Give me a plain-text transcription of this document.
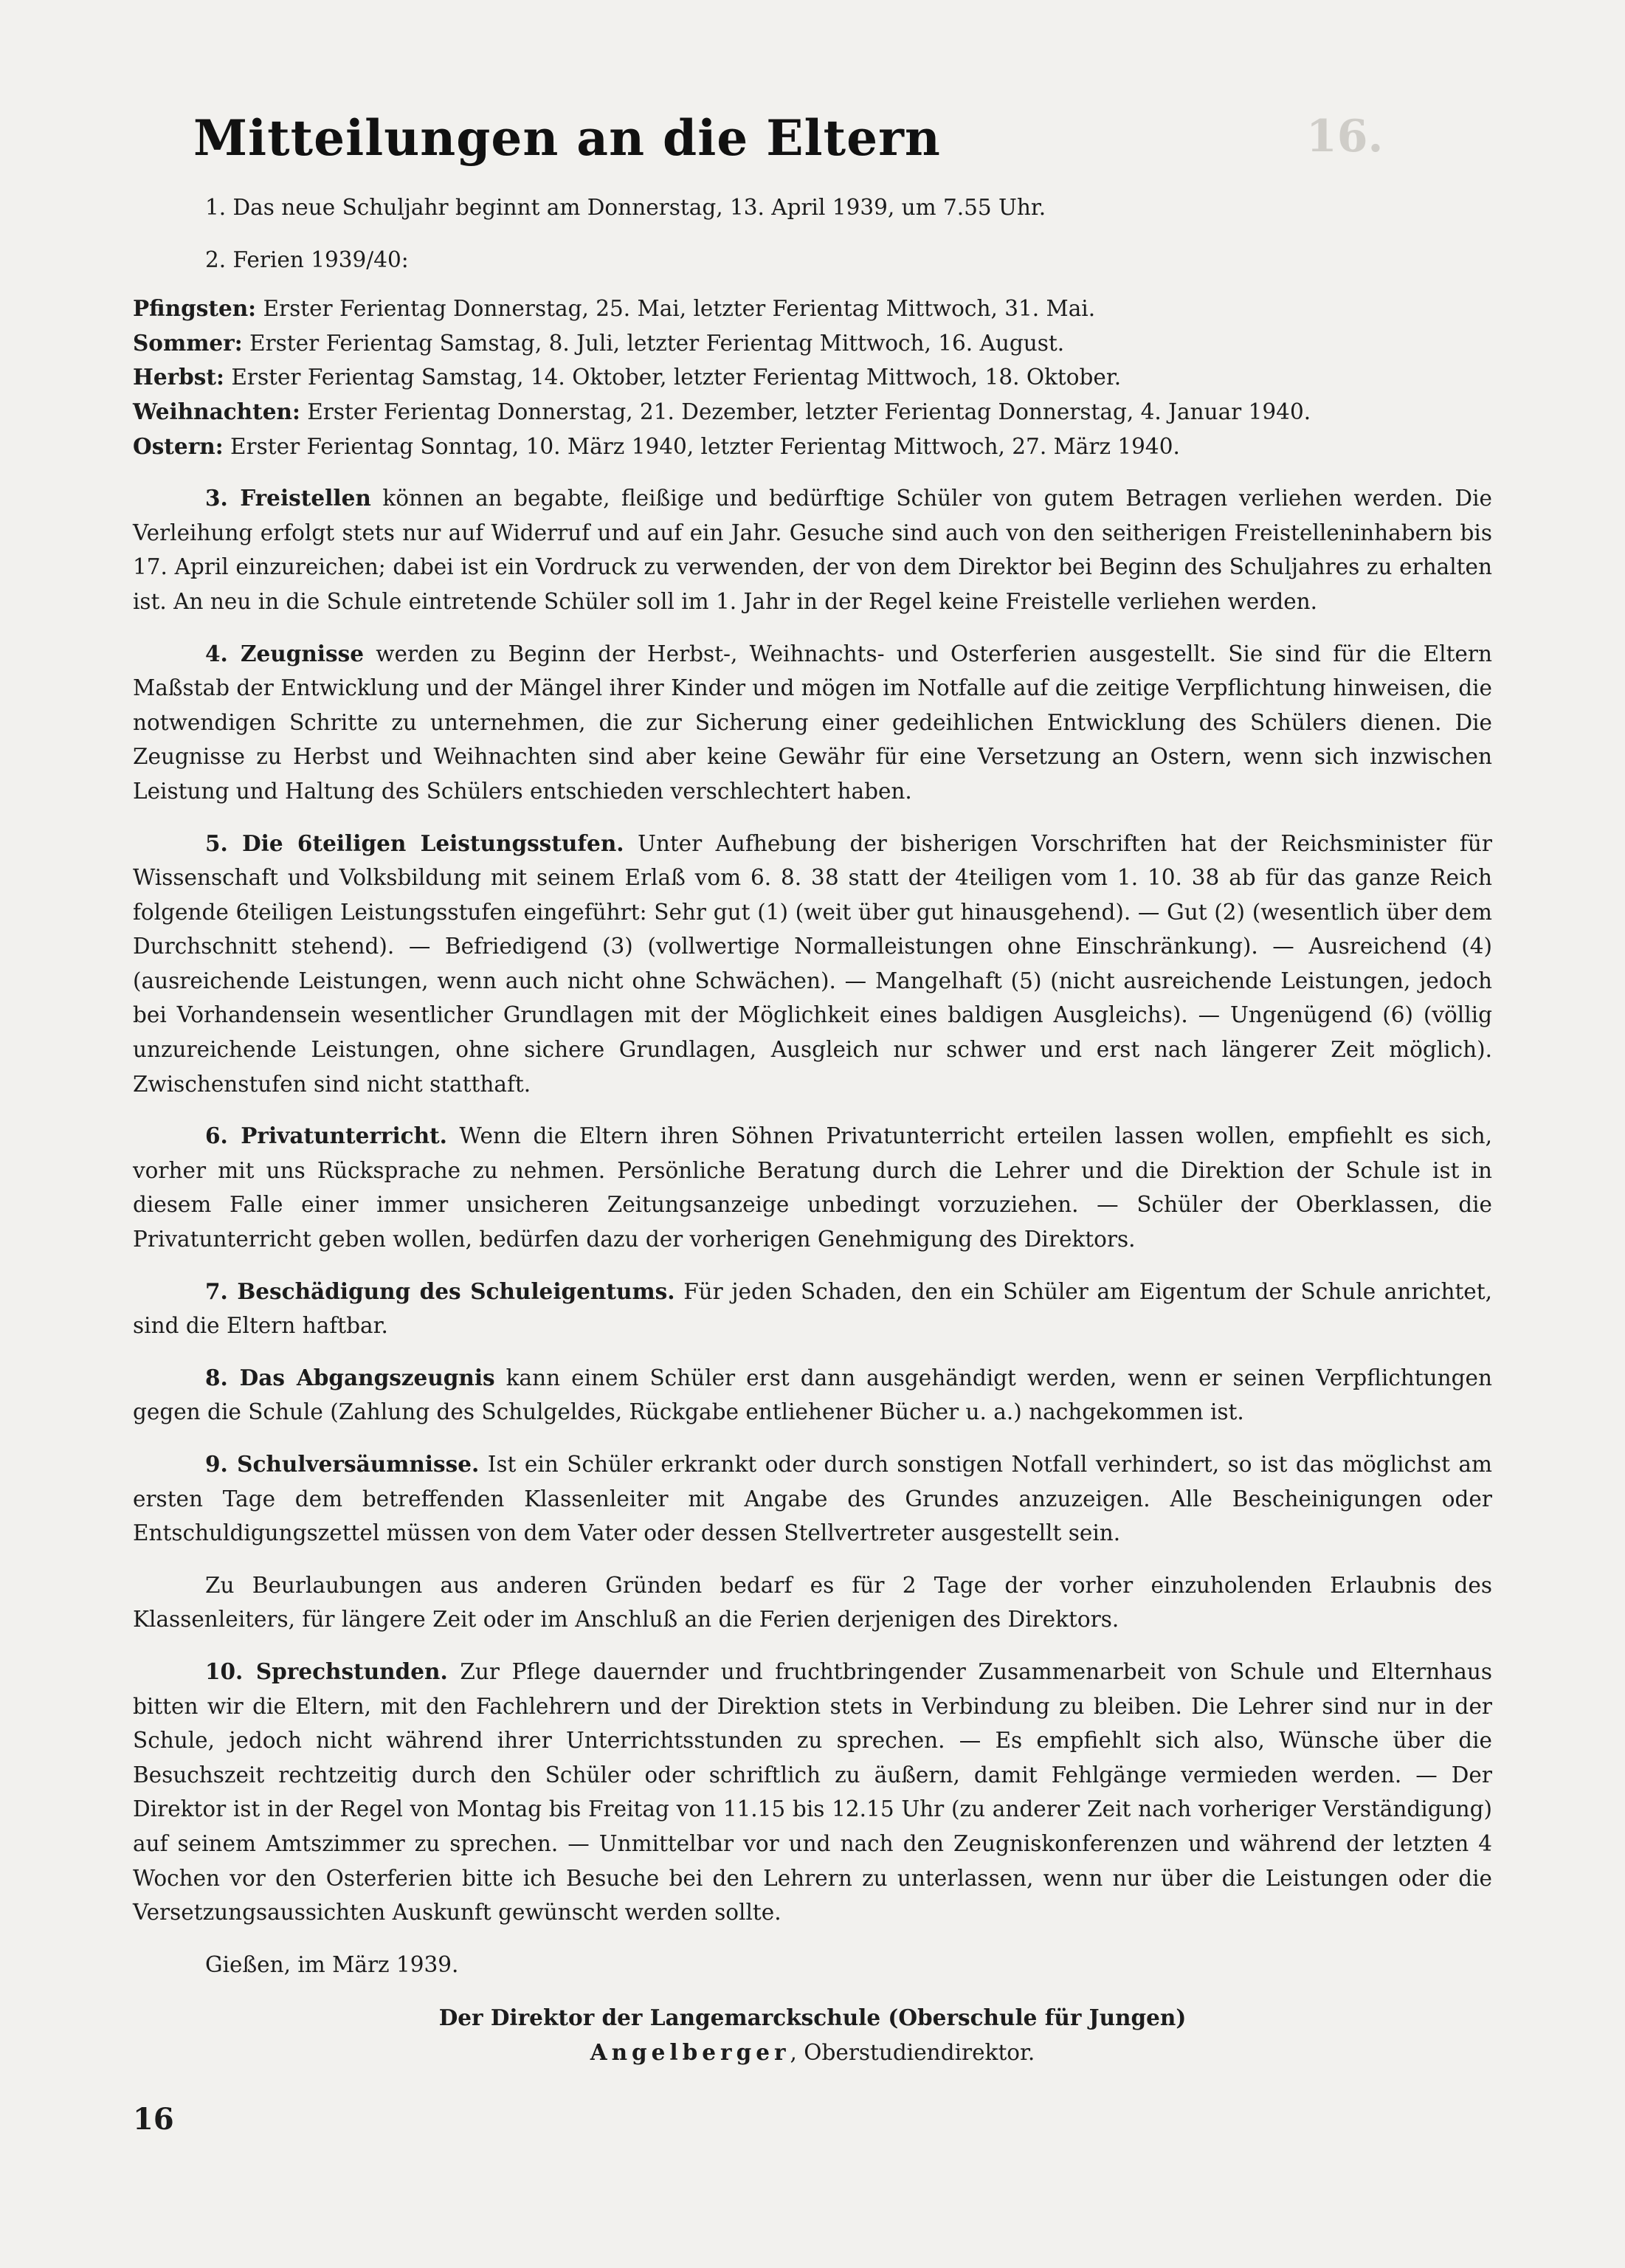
16.
Mitteilungen an die Eltern

1. Das neue Schuljahr beginnt am Donnerstag, 13. April 1939, um 7.55 Uhr.

2. Ferien 1939/40:

Pfingsten: Erster Ferientag Donnerstag, 25. Mai, letzter Ferientag Mittwoch, 31. Mai.
Sommer: Erster Ferientag Samstag, 8. Juli, letzter Ferientag Mittwoch, 16. August.
Herbst: Erster Ferientag Samstag, 14. Oktober, letzter Ferientag Mittwoch, 18. Oktober.
Weihnachten: Erster Ferientag Donnerstag, 21. Dezember, letzter Ferientag Donnerstag, 4. Januar 1940.
Ostern: Erster Ferientag Sonntag, 10. März 1940, letzter Ferientag Mittwoch, 27. März 1940.

3. Freistellen können an begabte, fleißige und bedürftige Schüler von gutem Betragen verliehen werden. Die Verleihung erfolgt stets nur auf Widerruf und auf ein Jahr. Gesuche sind auch von den seitherigen Freistelleninhabern bis 17. April einzureichen; dabei ist ein Vordruck zu verwenden, der von dem Direktor bei Beginn des Schuljahres zu erhalten ist. An neu in die Schule eintretende Schüler soll im 1. Jahr in der Regel keine Freistelle verliehen werden.

4. Zeugnisse werden zu Beginn der Herbst-, Weihnachts- und Osterferien ausgestellt. Sie sind für die Eltern Maßstab der Entwicklung und der Mängel ihrer Kinder und mögen im Notfalle auf die zeitige Verpflichtung hinweisen, die notwendigen Schritte zu unternehmen, die zur Sicherung einer gedeihlichen Entwicklung des Schülers dienen. Die Zeugnisse zu Herbst und Weihnachten sind aber keine Gewähr für eine Versetzung an Ostern, wenn sich inzwischen Leistung und Haltung des Schülers entschieden verschlechtert haben.

5. Die 6teiligen Leistungsstufen. Unter Aufhebung der bisherigen Vorschriften hat der Reichsminister für Wissenschaft und Volksbildung mit seinem Erlaß vom 6. 8. 38 statt der 4teiligen vom 1. 10. 38 ab für das ganze Reich folgende 6teiligen Leistungsstufen eingeführt: Sehr gut (1) (weit über gut hinausgehend). — Gut (2) (wesentlich über dem Durchschnitt stehend). — Befriedigend (3) (vollwertige Normalleistungen ohne Einschränkung). — Ausreichend (4) (ausreichende Leistungen, wenn auch nicht ohne Schwächen). — Mangelhaft (5) (nicht ausreichende Leistungen, jedoch bei Vorhandensein wesentlicher Grundlagen mit der Möglichkeit eines baldigen Ausgleichs). — Ungenügend (6) (völlig unzureichende Leistungen, ohne sichere Grundlagen, Ausgleich nur schwer und erst nach längerer Zeit möglich). Zwischenstufen sind nicht statthaft.

6. Privatunterricht. Wenn die Eltern ihren Söhnen Privatunterricht erteilen lassen wollen, empfiehlt es sich, vorher mit uns Rücksprache zu nehmen. Persönliche Beratung durch die Lehrer und die Direktion der Schule ist in diesem Falle einer immer unsicheren Zeitungsanzeige unbedingt vorzuziehen. — Schüler der Oberklassen, die Privatunterricht geben wollen, bedürfen dazu der vorherigen Genehmigung des Direktors.

7. Beschädigung des Schuleigentums. Für jeden Schaden, den ein Schüler am Eigentum der Schule anrichtet, sind die Eltern haftbar.

8. Das Abgangszeugnis kann einem Schüler erst dann ausgehändigt werden, wenn er seinen Verpflichtungen gegen die Schule (Zahlung des Schulgeldes, Rückgabe entliehener Bücher u. a.) nachgekommen ist.

9. Schulversäumnisse. Ist ein Schüler erkrankt oder durch sonstigen Notfall verhindert, so ist das möglichst am ersten Tage dem betreffenden Klassenleiter mit Angabe des Grundes anzuzeigen. Alle Bescheinigungen oder Entschuldigungszettel müssen von dem Vater oder dessen Stellvertreter ausgestellt sein.

Zu Beurlaubungen aus anderen Gründen bedarf es für 2 Tage der vorher einzuholenden Erlaubnis des Klassenleiters, für längere Zeit oder im Anschluß an die Ferien derjenigen des Direktors.

10. Sprechstunden. Zur Pflege dauernder und fruchtbringender Zusammenarbeit von Schule und Elternhaus bitten wir die Eltern, mit den Fachlehrern und der Direktion stets in Verbindung zu bleiben. Die Lehrer sind nur in der Schule, jedoch nicht während ihrer Unterrichtsstunden zu sprechen. — Es empfiehlt sich also, Wünsche über die Besuchszeit rechtzeitig durch den Schüler oder schriftlich zu äußern, damit Fehlgänge vermieden werden. — Der Direktor ist in der Regel von Montag bis Freitag von 11.15 bis 12.15 Uhr (zu anderer Zeit nach vorheriger Verständigung) auf seinem Amtszimmer zu sprechen. — Unmittelbar vor und nach den Zeugniskonferenzen und während der letzten 4 Wochen vor den Osterferien bitte ich Besuche bei den Lehrern zu unterlassen, wenn nur über die Leistungen oder die Versetzungsaussichten Auskunft gewünscht werden sollte.

Gießen, im März 1939.

Der Direktor der Langemarckschule (Oberschule für Jungen)

Angelberger, Oberstudiendirektor.

16
